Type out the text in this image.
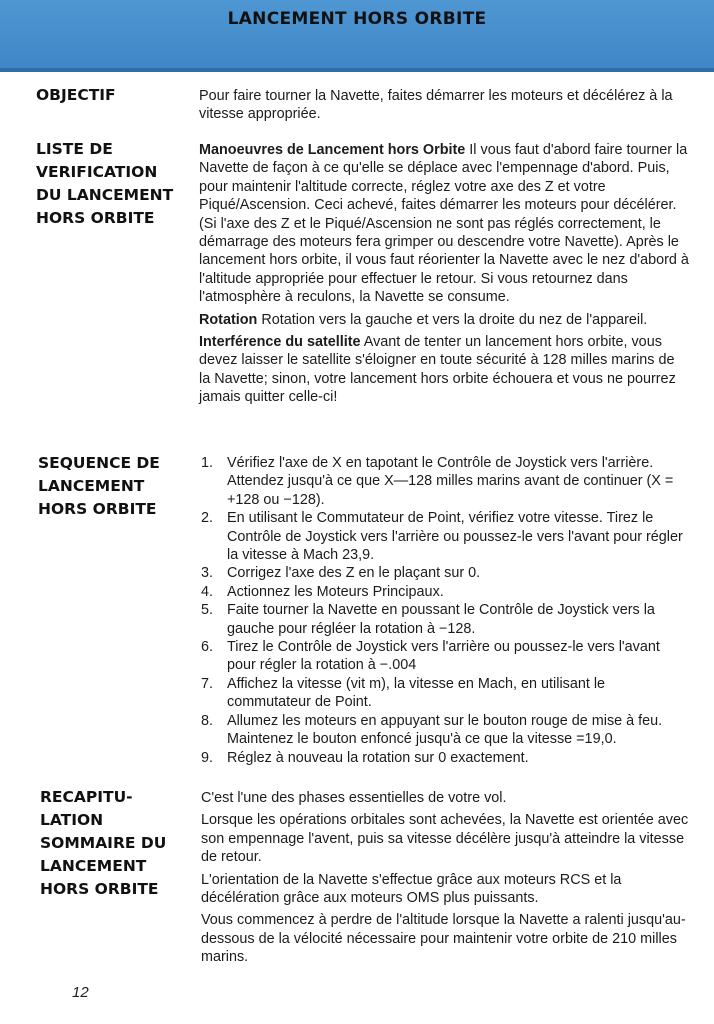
LANCEMENT HORS ORBITE
OBJECTIF	Pour faire tourner la Navette, faites démarrer les moteurs et décélérez à la vitesse appropriée.

LISTE DE
VERIFICATION
DU LANCEMENT
HORS ORBITE

Manoeuvres de Lancement hors Orbite Il vous faut d'abord faire tourner la Navette de façon à ce qu'elle se déplace avec l'empennage d'abord. Puis, pour maintenir l'altitude correcte, réglez votre axe des Z et votre Piqué/Ascension. Ceci achevé, faites démarrer les moteurs pour décélérer. (Si l'axe des Z et le Piqué/Ascension ne sont pas réglés correctement, le démarrage des moteurs fera grimper ou descendre votre Navette). Après le lancement hors orbite, il vous faut réorienter la Navette avec le nez d'abord à l'altitude appropriée pour effectuer le retour. Si vous retournez dans l'atmosphère à reculons, la Navette se consume.

Rotation Rotation vers la gauche et vers la droite du nez de l'appareil.

Interférence du satellite Avant de tenter un lancement hors orbite, vous devez laisser le satellite s'éloigner en toute sécurité à 128 milles marins de la Navette; sinon, votre lancement hors orbite échouera et vous ne pourrez jamais quitter celle-ci!

SEQUENCE DE
LANCEMENT
HORS ORBITE
1. Vérifiez l'axe de X en tapotant le Contrôle de Joystick vers l'arrière. Attendez jusqu'à ce que X—128 milles marins avant de continuer (X = +128 ou −128).
2. En utilisant le Commutateur de Point, vérifiez votre vitesse. Tirez le Contrôle de Joystick vers l'arrière ou poussez-le vers l'avant pour régler la vitesse à Mach 23,9.
3. Corrigez l'axe des Z en le plaçant sur 0.
4. Actionnez les Moteurs Principaux.
5. Faite tourner la Navette en poussant le Contrôle de Joystick vers la gauche pour régléer la rotation à −128.
6. Tirez le Contrôle de Joystick vers l'arrière ou poussez-le vers l'avant pour régler la rotation à −.004
7. Affichez la vitesse (vit m), la vitesse en Mach, en utilisant le commutateur de Point.
8. Allumez les moteurs en appuyant sur le bouton rouge de mise à feu. Maintenez le bouton enfoncé jusqu'à ce que la vitesse =19,0.
9. Réglez à nouveau la rotation sur 0 exactement.
RECAPITU-
LATION
SOMMAIRE DU
LANCEMENT
HORS ORBITE

C'est l'une des phases essentielles de votre vol.

Lorsque les opérations orbitales sont achevées, la Navette est orientée avec son empennage l'avent, puis sa vitesse décélère jusqu'à atteindre la vitesse de retour.

L'orientation de la Navette s'effectue grâce aux moteurs RCS et la décélération grâce aux moteurs OMS plus puissants.

Vous commencez à perdre de l'altitude lorsque la Navette a ralenti jusqu'au-dessous de la vélocité nécessaire pour maintenir votre orbite de 210 milles marins.

12
